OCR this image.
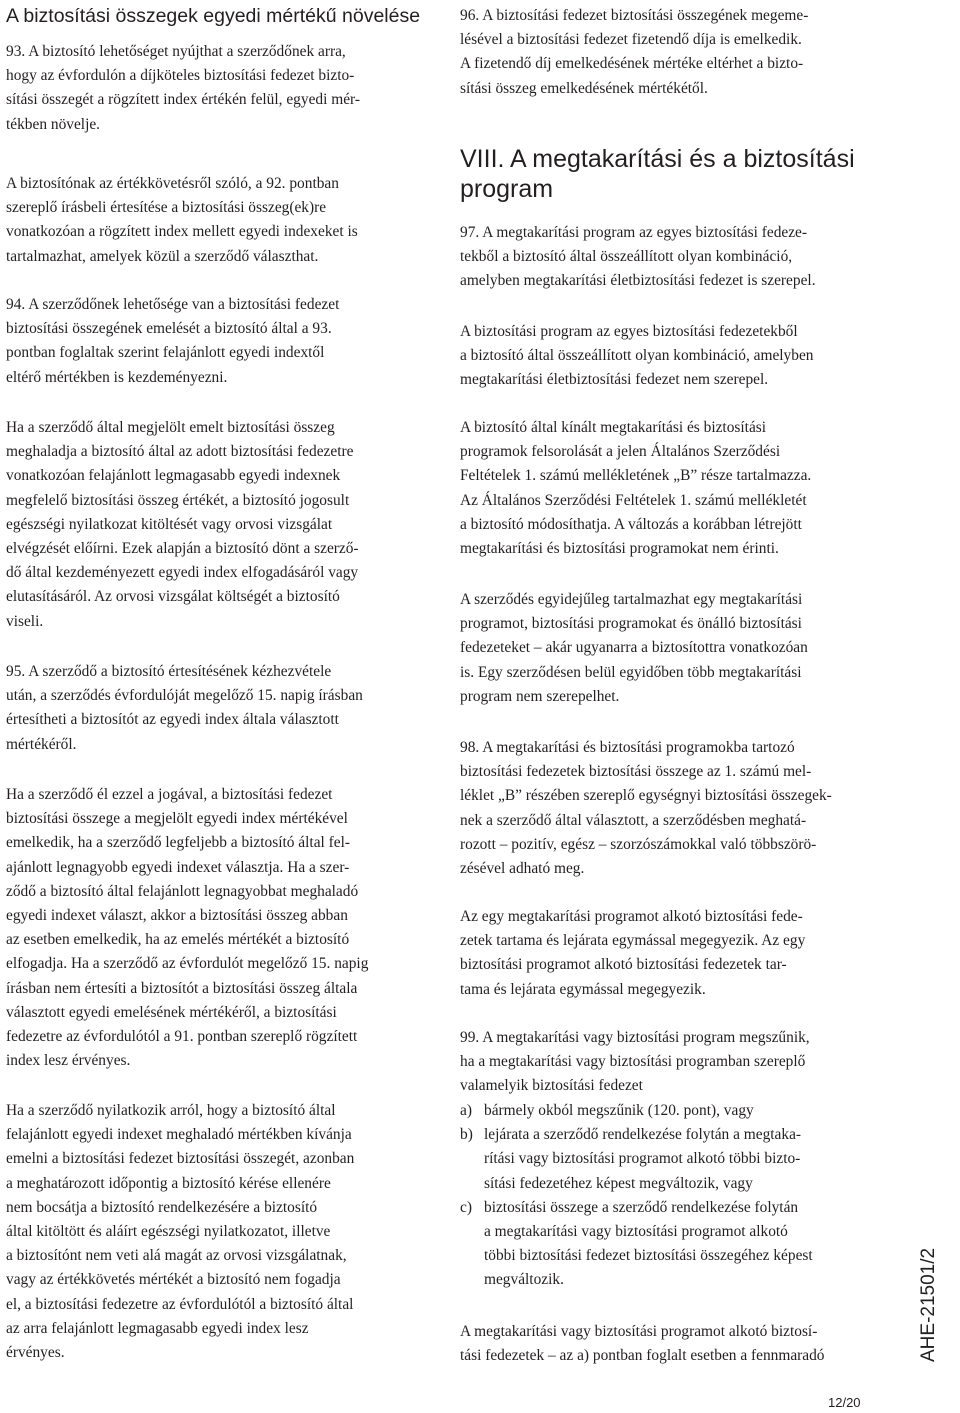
A biztosítási összegek egyedi mértékű növelése

93. A biztosító lehetőséget nyújthat a szerződőnek arra,
hogy az évfordulón a díjköteles biztosítási fedezet bizto-
sítási összegét a rögzített index értékén felül, egyedi mér-
tékben növelje.

A biztosítónak az értékkövetésről szóló, a 92. pontban
szereplő írásbeli értesítése a biztosítási összeg(ek)re
vonatkozóan a rögzített index mellett egyedi indexeket is
tartalmazhat, amelyek közül a szerződő választhat.

94. A szerződőnek lehetősége van a biztosítási fedezet
biztosítási összegének emelését a biztosító által a 93.
pontban foglaltak szerint felajánlott egyedi indextől
eltérő mértékben is kezdeményezni.

Ha a szerződő által megjelölt emelt biztosítási összeg
meghaladja a biztosító által az adott biztosítási fedezetre
vonatkozóan felajánlott legmagasabb egyedi indexnek
megfelelő biztosítási összeg értékét, a biztosító jogosult
egészségi nyilatkozat kitöltését vagy orvosi vizsgálat
elvégzését előírni. Ezek alapján a biztosító dönt a szerző-
dő által kezdeményezett egyedi index elfogadásáról vagy
elutasításáról. Az orvosi vizsgálat költségét a biztosító
viseli.

95. A szerződő a biztosító értesítésének kézhezvétele
után, a szerződés évfordulóját megelőző 15. napig írásban
értesítheti a biztosítót az egyedi index általa választott
mértékéről.

Ha a szerződő él ezzel a jogával, a biztosítási fedezet
biztosítási összege a megjelölt egyedi index mértékével
emelkedik, ha a szerződő legfeljebb a biztosító által fel-
ajánlott legnagyobb egyedi indexet választja. Ha a szer-
ződő a biztosító által felajánlott legnagyobbat meghaladó
egyedi indexet választ, akkor a biztosítási összeg abban
az esetben emelkedik, ha az emelés mértékét a biztosító
elfogadja. Ha a szerződő az évfordulót megelőző 15. napig
írásban nem értesíti a biztosítót a biztosítási összeg általa
választott egyedi emelésének mértékéről, a biztosítási
fedezetre az évfordulótól a 91. pontban szereplő rögzített
index lesz érvényes.

Ha a szerződő nyilatkozik arról, hogy a biztosító által
felajánlott egyedi indexet meghaladó mértékben kívánja
emelni a biztosítási fedezet biztosítási összegét, azonban
a meghatározott időpontig a biztosító kérése ellenére
nem bocsátja a biztosító rendelkezésére a biztosító
által kitöltött és aláírt egészségi nyilatkozatot, illetve
a biztosítónt nem veti alá magát az orvosi vizsgálatnak,
vagy az értékkövetés mértékét a biztosító nem fogadja
el, a biztosítási fedezetre az évfordulótól a biztosító által
az arra felajánlott legmagasabb egyedi index lesz
érvényes.

96. A biztosítási fedezet biztosítási összegének megeme-
lésével a biztosítási fedezet fizetendő díja is emelkedik.
A fizetendő díj emelkedésének mértéke eltérhet a bizto-
sítási összeg emelkedésének mértékétől.

VIII. A megtakarítási és a biztosítási
program

97. A megtakarítási program az egyes biztosítási fedeze-
tekből a biztosító által összeállított olyan kombináció,
amelyben megtakarítási életbiztosítási fedezet is szerepel.

A biztosítási program az egyes biztosítási fedezetekből
a biztosító által összeállított olyan kombináció, amelyben
megtakarítási életbiztosítási fedezet nem szerepel.

A biztosító által kínált megtakarítási és biztosítási
programok felsorolását a jelen Általános Szerződési
Feltételek 1. számú mellékletének „B” része tartalmazza.
Az Általános Szerződési Feltételek 1. számú mellékletét
a biztosító módosíthatja. A változás a korábban létrejött
megtakarítási és biztosítási programokat nem érinti.

A szerződés egyidejűleg tartalmazhat egy megtakarítási
programot, biztosítási programokat és önálló biztosítási
fedezeteket – akár ugyanarra a biztosítottra vonatkozóan
is. Egy szerződésen belül egyidőben több megtakarítási
program nem szerepelhet.

98. A megtakarítási és biztosítási programokba tartozó
biztosítási fedezetek biztosítási összege az 1. számú mel-
léklet „B” részében szereplő egységnyi biztosítási összegek-
nek a szerződő által választott, a szerződésben meghatá-
rozott – pozitív, egész – szorzószámokkal való többszörö-
zésével adható meg.

Az egy megtakarítási programot alkotó biztosítási fede-
zetek tartama és lejárata egymással megegyezik. Az egy
biztosítási programot alkotó biztosítási fedezetek tar-
tama és lejárata egymással megegyezik.

99. A megtakarítási vagy biztosítási program megszűnik,
ha a megtakarítási vagy biztosítási programban szereplő
valamelyik biztosítási fedezet

a) bármely okból megszűnik (120. pont), vagy
b) lejárata a szerződő rendelkezése folytán a megtaka-
rítási vagy biztosítási programot alkotó többi bizto-
sítási fedezetéhez képest megváltozik, vagy
c) biztosítási összege a szerződő rendelkezése folytán
a megtakarítási vagy biztosítási programot alkotó
többi biztosítási fedezet biztosítási összegéhez képest
megváltozik.

A megtakarítási vagy biztosítási programot alkotó biztosí-
tási fedezetek – az a) pontban foglalt esetben a fennmaradó	AHE-21501/2
12/20
